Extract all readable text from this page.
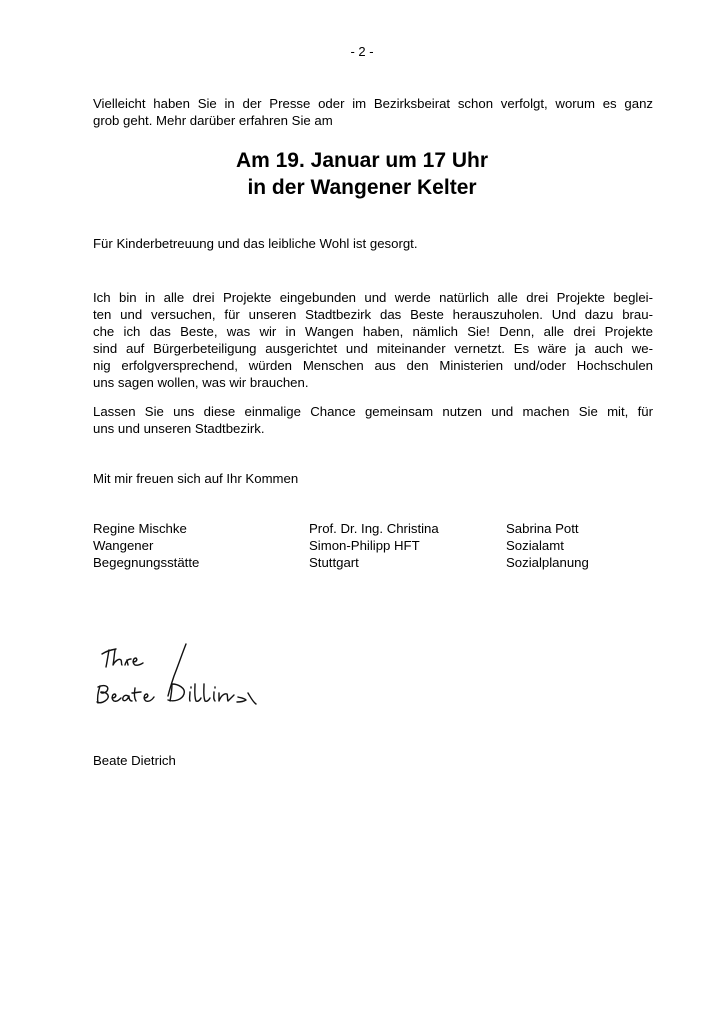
- 2 -

Vielleicht haben Sie in der Presse oder im Bezirksbeirat schon verfolgt, worum es ganz
grob geht. Mehr darüber erfahren Sie am

Am 19. Januar um 17 Uhr
in der Wangener Kelter

Für Kinderbetreuung und das leibliche Wohl ist gesorgt.

Ich bin in alle drei Projekte eingebunden und werde natürlich alle drei Projekte beglei-
ten und versuchen, für unseren Stadtbezirk das Beste herauszuholen. Und dazu brau-
che ich das Beste, was wir in Wangen haben, nämlich Sie! Denn, alle drei Projekte
sind auf Bürgerbeteiligung ausgerichtet und miteinander vernetzt. Es wäre ja auch we-
nig erfolgversprechend, würden Menschen aus den Ministerien und/oder Hochschulen
uns sagen wollen, was wir brauchen.

Lassen Sie uns diese einmalige Chance gemeinsam nutzen und machen Sie mit, für
uns und unseren Stadtbezirk.

Mit mir freuen sich auf Ihr Kommen

Regine Mischke
Wangener
Begegnungsstätte
Prof. Dr. Ing. Christina
Simon-Philipp HFT
Stuttgart
Sabrina Pott
Sozialamt
Sozialplanung

Beate Dietrich
